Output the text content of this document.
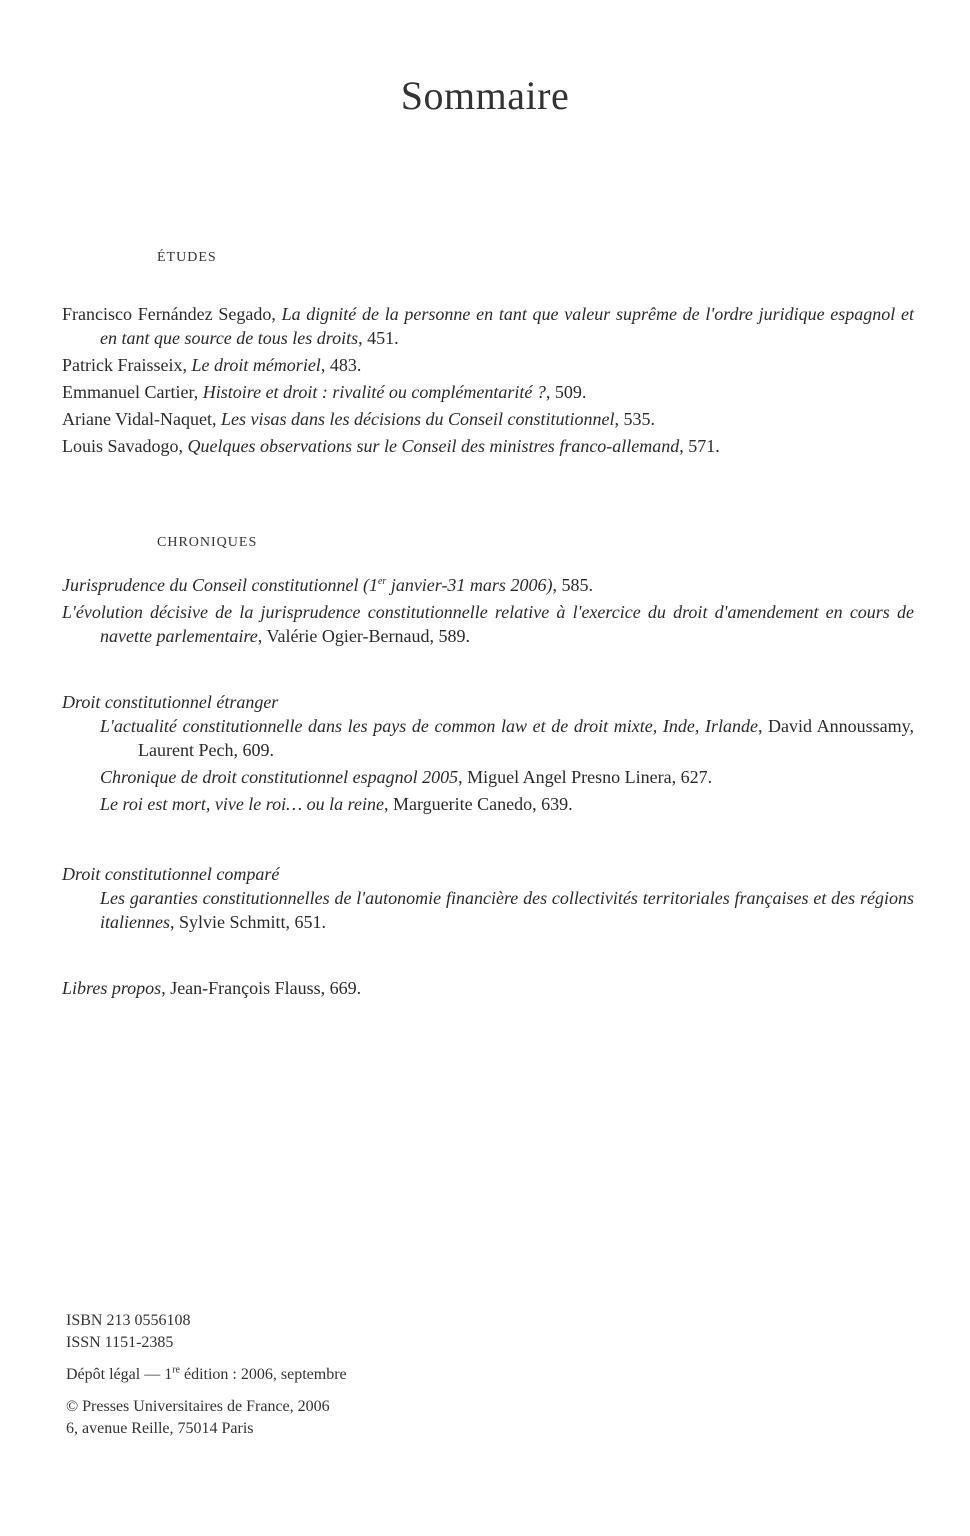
Sommaire
ÉTUDES

Francisco Fernández Segado, La dignité de la personne en tant que valeur suprême de l'ordre juridique espagnol et en tant que source de tous les droits, 451.

Patrick Fraisseix, Le droit mémoriel, 483.

Emmanuel Cartier, Histoire et droit : rivalité ou complémentarité ?, 509.

Ariane Vidal-Naquet, Les visas dans les décisions du Conseil constitutionnel, 535.

Louis Savadogo, Quelques observations sur le Conseil des ministres franco-allemand, 571.

CHRONIQUES

Jurisprudence du Conseil constitutionnel (1er janvier-31 mars 2006), 585.

L'évolution décisive de la jurisprudence constitutionnelle relative à l'exercice du droit d'amendement en cours de navette parlementaire, Valérie Ogier-Bernaud, 589.

Droit constitutionnel étranger

L'actualité constitutionnelle dans les pays de common law et de droit mixte, Inde, Irlande, David Annoussamy, Laurent Pech, 609.

Chronique de droit constitutionnel espagnol 2005, Miguel Angel Presno Linera, 627.

Le roi est mort, vive le roi… ou la reine, Marguerite Canedo, 639.

Droit constitutionnel comparé

Les garanties constitutionnelles de l'autonomie financière des collectivités territoriales françaises et des régions italiennes, Sylvie Schmitt, 651.

Libres propos, Jean-François Flauss, 669.

ISBN 213 0556108

ISSN 1151-2385

Dépôt légal — 1re édition : 2006, septembre

© Presses Universitaires de France, 2006

6, avenue Reille, 75014 Paris
